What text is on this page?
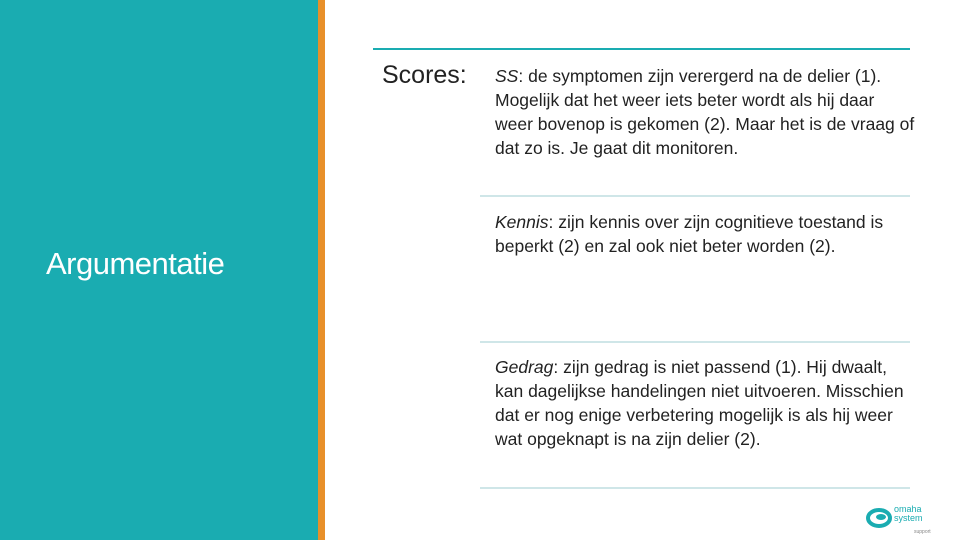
Argumentatie
Scores: SS: de symptomen zijn verergerd na de delier (1). Mogelijk dat het weer iets beter wordt als hij daar weer bovenop is gekomen (2). Maar het is de vraag of dat zo is. Je gaat dit monitoren.
Kennis: zijn kennis over zijn cognitieve toestand is beperkt (2) en zal ook niet beter worden (2).
Gedrag: zijn gedrag is niet passend (1). Hij dwaalt, kan dagelijkse handelingen niet uitvoeren. Misschien dat er nog enige verbetering mogelijk is als hij weer wat opgeknapt is na zijn delier (2).
omaha
system
support
